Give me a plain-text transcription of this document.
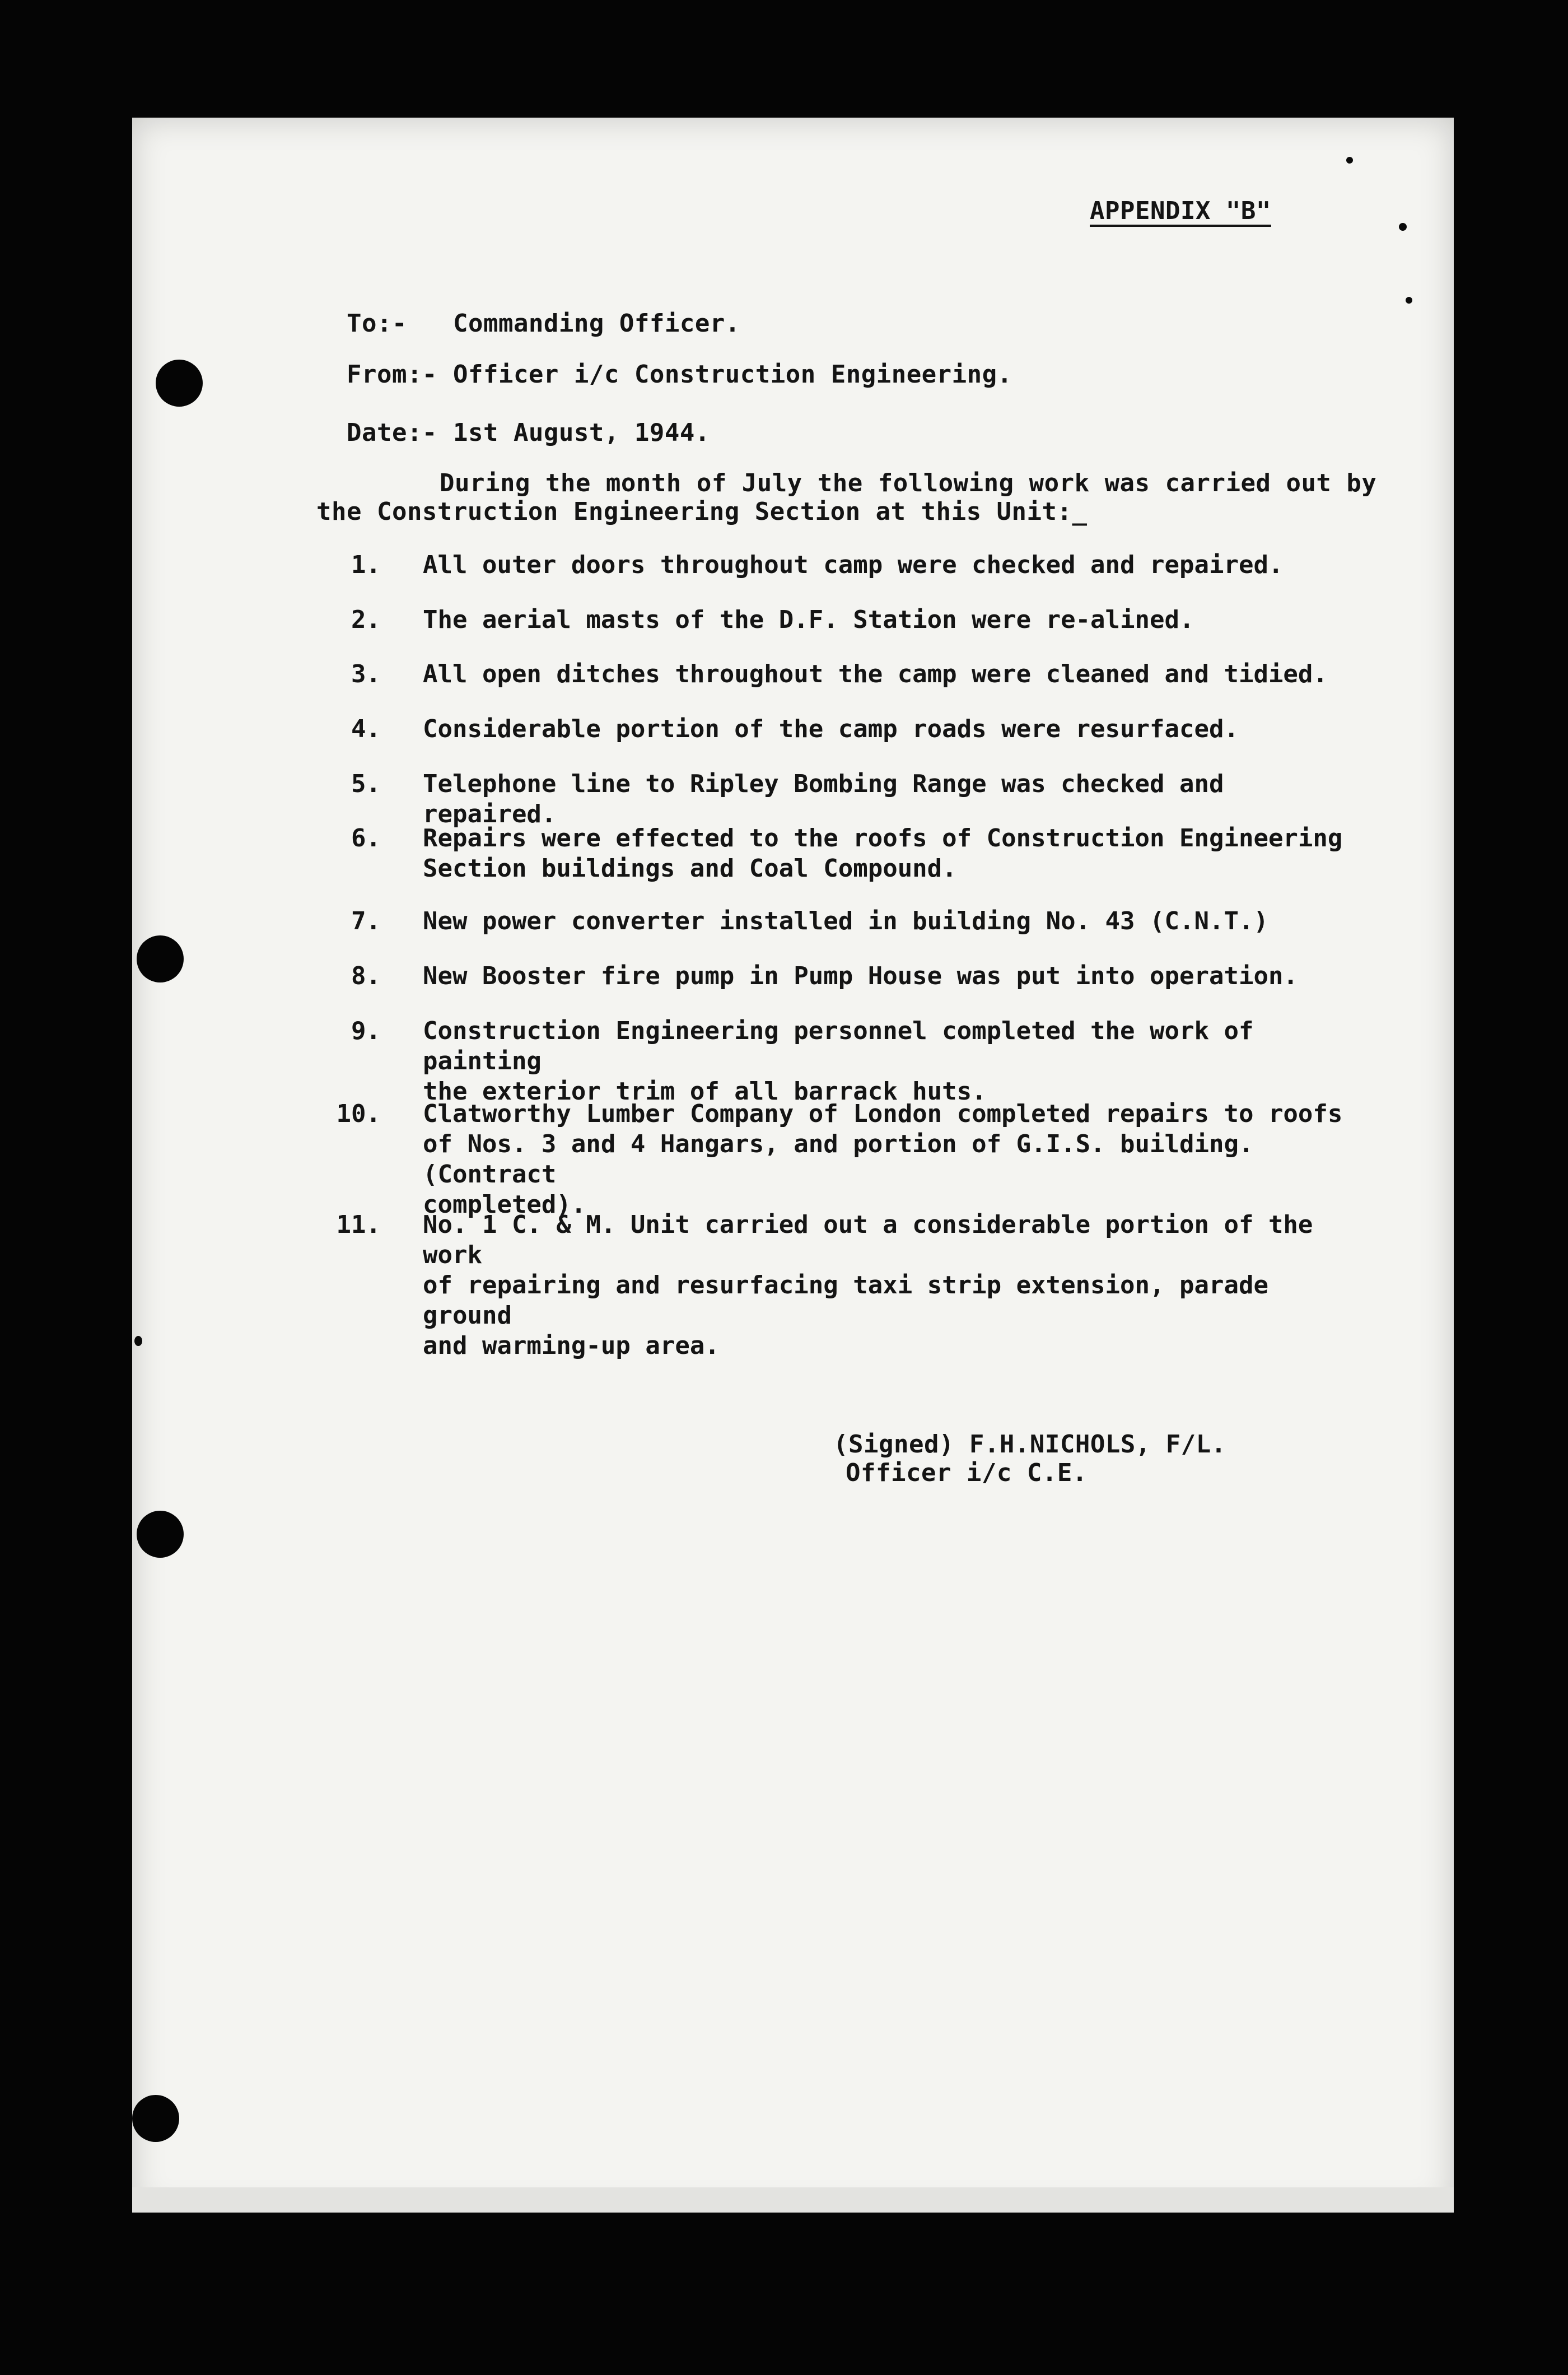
APPENDIX "B"

To:- Commanding Officer.

From:- Officer i/c Construction Engineering.

Date:- 1st August, 1944.

During the month of July the following work was carried out by
the Construction Engineering Section at this Unit:_
1. All outer doors throughout camp were checked and repaired.
2. The aerial masts of the D.F. Station were re-alined.
3. All open ditches throughout the camp were cleaned and tidied.
4. Considerable portion of the camp roads were resurfaced.
5. Telephone line to Ripley Bombing Range was checked and repaired.
6. Repairs were effected to the roofs of Construction Engineering
Section buildings and Coal Compound.
7. New power converter installed in building No. 43 (C.N.T.)
8. New Booster fire pump in Pump House was put into operation.
9. Construction Engineering personnel completed the work of painting
the exterior trim of all barrack huts.
10. Clatworthy Lumber Company of London completed repairs to roofs
of Nos. 3 and 4 Hangars, and portion of G.I.S. building. (Contract
completed).
11. No. 1 C. & M. Unit carried out a considerable portion of the work
of repairing and resurfacing taxi strip extension, parade ground
and warming-up area.
(Signed) F.H.NICHOLS, F/L.
Officer i/c C.E.
